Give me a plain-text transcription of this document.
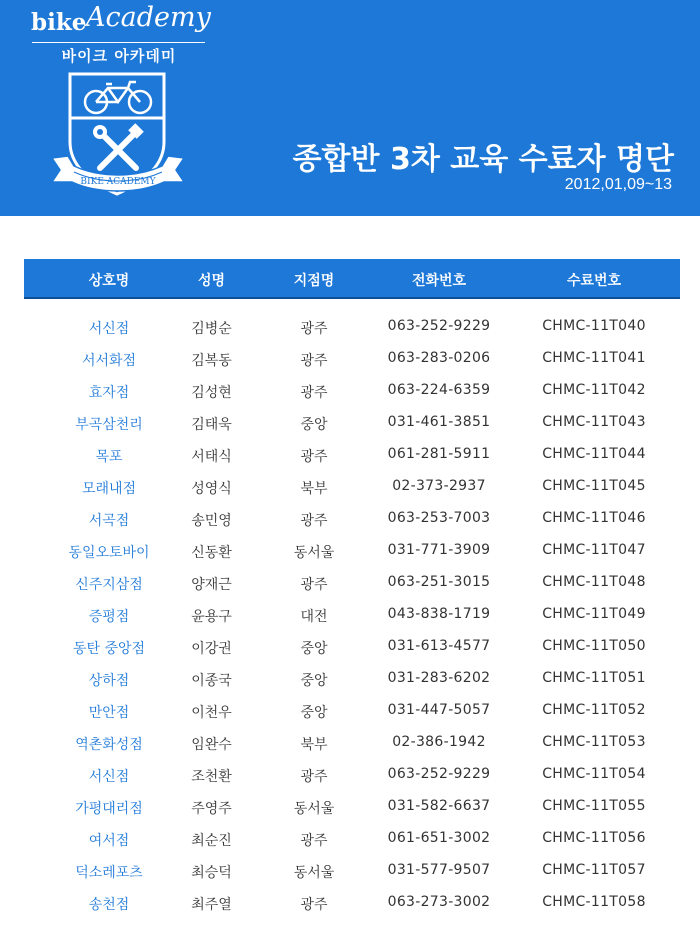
bike Academy
바이크 아카데미
BIKE ACADEMY
종합반 3차 교육 수료자 명단
2012,01,09~13
상호명	성명	지점명	전화번호	수료번호
서신점	김병순	광주	063-252-9229	CHMC-11T040
서서화점	김복동	광주	063-283-0206	CHMC-11T041
효자점	김성현	광주	063-224-6359	CHMC-11T042
부곡삼천리	김태욱	중앙	031-461-3851	CHMC-11T043
목포	서태식	광주	061-281-5911	CHMC-11T044
모래내점	성영식	북부	02-373-2937	CHMC-11T045
서곡점	송민영	광주	063-253-7003	CHMC-11T046
동일오토바이	신동환	동서울	031-771-3909	CHMC-11T047
신주지삼점	양재근	광주	063-251-3015	CHMC-11T048
증평점	윤용구	대전	043-838-1719	CHMC-11T049
동탄 중앙점	이강권	중앙	031-613-4577	CHMC-11T050
상하점	이종국	중앙	031-283-6202	CHMC-11T051
만안점	이천우	중앙	031-447-5057	CHMC-11T052
역촌화성점	임완수	북부	02-386-1942	CHMC-11T053
서신점	조천환	광주	063-252-9229	CHMC-11T054
가평대리점	주영주	동서울	031-582-6637	CHMC-11T055
여서점	최순진	광주	061-651-3002	CHMC-11T056
덕소레포츠	최승덕	동서울	031-577-9507	CHMC-11T057
송천점	최주열	광주	063-273-3002	CHMC-11T058
